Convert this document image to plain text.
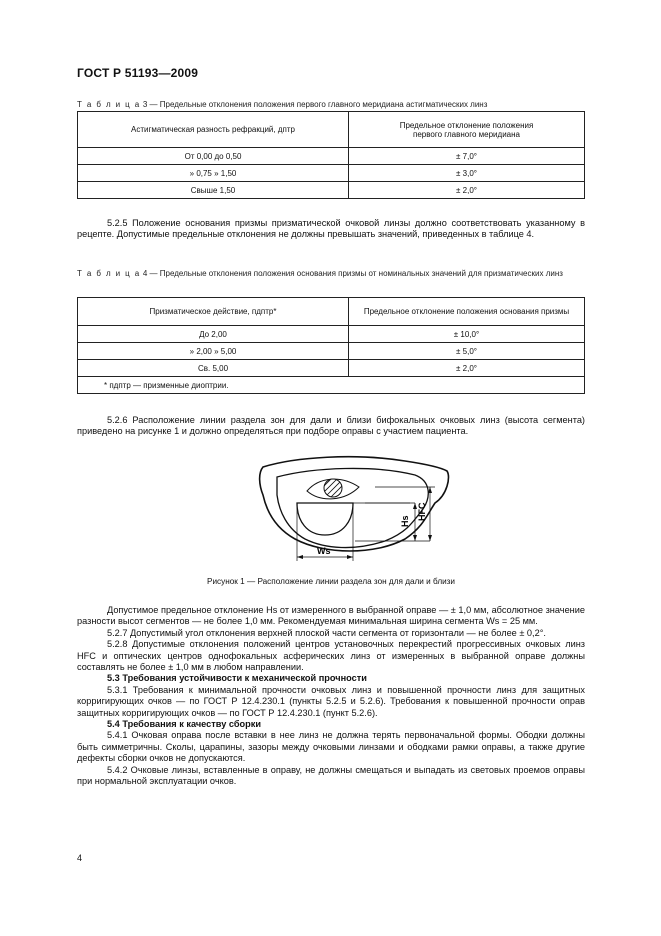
ГОСТ Р 51193—2009
Т а б л и ц а 3 — Предельные отклонения положения первого главного меридиана астигматических линз
Астигматическая разность рефракций, дптр	Предельное отклонение положения первого главного меридиана
От 0,00 до 0,50	± 7,0°
» 0,75 » 1,50	± 3,0°
Свыше 1,50	± 2,0°

5.2.5 Положение основания призмы призматической очковой линзы должно соответствовать указанному в рецепте. Допустимые предельные отклонения не должны превышать значений, приведенных в таблице 4.

Т а б л и ц а 4 — Предельные отклонения положения основания призмы от номинальных значений для призматических линз
Призматическое действие, пдптр*	Предельное отклонение положения основания призмы
До 2,00	± 10,0°
» 2,00 » 5,00	± 5,0°
Св. 5,00	± 2,0°
* пдптр — призменные диоптрии.	

5.2.6 Расположение линии раздела зон для дали и близи бифокальных очковых линз (высота сегмента) приведено на рисунке 1 и должно определяться при подборе оправы с участием пациента.

Hs
HFC
Ws
Рисунок 1 — Расположение линии раздела зон для дали и близи

Допустимое предельное отклонение Hs от измеренного в выбранной оправе — ± 1,0 мм, абсолютное значение разности высот сегментов — не более 1,0 мм. Рекомендуемая минимальная ширина сегмента Ws = 25 мм.

5.2.7 Допустимый угол отклонения верхней плоской части сегмента от горизонтали — не более ± 0,2°.

5.2.8 Допустимые отклонения положений центров установочных перекрестий прогрессивных очковых линз HFC и оптических центров однофокальных асферических линз от измеренных в выбранной оправе должны составлять не более ± 1,0 мм в любом направлении.

5.3 Требования устойчивости к механической прочности

5.3.1 Требования к минимальной прочности очковых линз и повышенной прочности линз для защитных корригирующих очков — по ГОСТ Р 12.4.230.1 (пункты 5.2.5 и 5.2.6). Требования к повышенной прочности оправ защитных корригирующих очков — по ГОСТ Р 12.4.230.1 (пункт 5.2.6).

5.4 Требования к качеству сборки

5.4.1 Очковая оправа после вставки в нее линз не должна терять первоначальной формы. Ободки должны быть симметричны. Сколы, царапины, зазоры между очковыми линзами и ободками рамки оправы, а также другие дефекты сборки очков не допускаются.

5.4.2 Очковые линзы, вставленные в оправу, не должны смещаться и выпадать из световых проемов оправы при нормальной эксплуатации очков.

4
